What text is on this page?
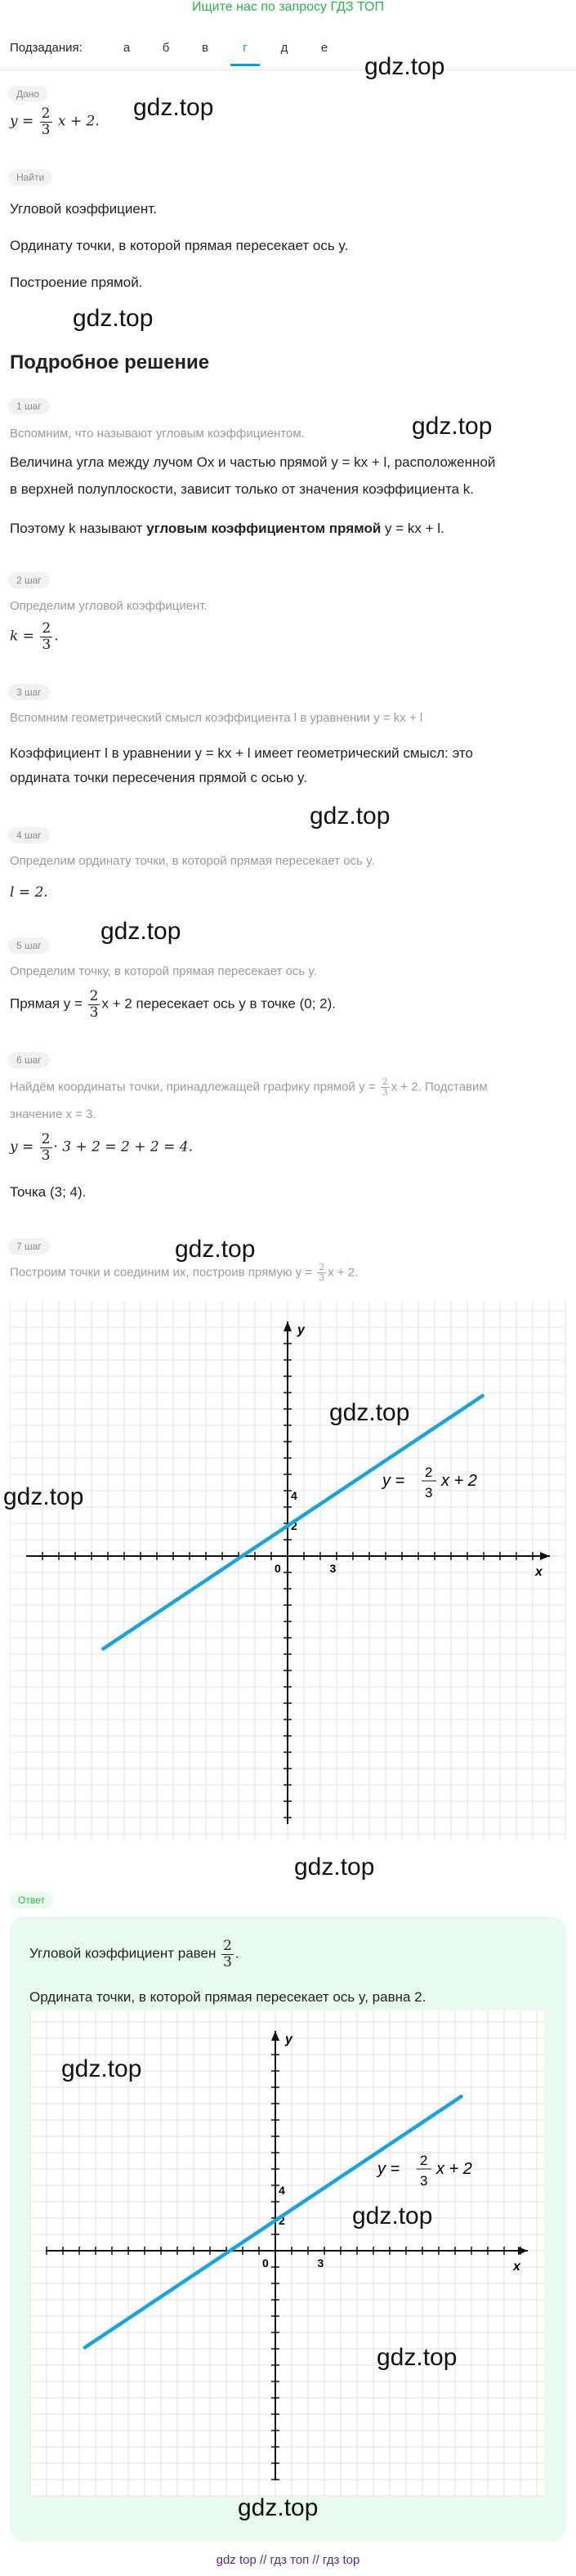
Ищите нас по запросу ГДЗ ТОП
Подзадания:	а	б	в	г	д	е
Дано
$y = \frac{2}{3}$ x + 2.
Найти
Угловой коэффициент.
Ординату точки, в которой прямая пересекает ось y.
Построение прямой.
Подробное решение
1 шаг
Вспомним, что называют угловым коэффициентом.
Величина угла между лучом Ox и частью прямой y = kx + l, расположенной
в верхней полуплоскости, зависит только от значения коэффициента k.
Поэтому k называют угловым коэффициентом прямой y = kx + l.
2 шаг
Определим угловой коэффициент.
$k = \frac{2}{3}$ .
3 шаг
Вспомним геометрический смысл коэффициента l в уравнении y = kx + l
Коэффициент l в уравнении y = kx + l имеет геометрический смысл: это
ордината точки пересечения прямой с осью y.
4 шаг
Определим ординату точки, в которой прямая пересекает ось y.
l = 2.
5 шаг
Определим точку, в которой прямая пересекает ось y.
Прямая $y = \frac{2}{3}$ x + 2 пересекает ось y в точке (0; 2).
6 шаг
Найдём координаты точки, принадлежащей графику прямой $y = \frac{2}{3}$ x + 2. Подставим
значение x = 3.
$y = \frac{2}{3} \cdot 3 + 2 = 2 + 2 = 4$.
Точка (3; 4).
7 шаг
Построим точки и соединим их, построив прямую $y = \frac{2}{3}$ x + 2.
x
y
0	3
2
4
y = 2
3
x + 2
Ответ
Угловой коэффициент равен $\frac{2}{3}$ .
Ордината точки, в которой прямая пересекает ось y, равна 2.
x
y
0	3
2
4
y = 2
3
x + 2
gdz.top
gdz.top
gdz.top
gdz.top
gdz.top
gdz.top
gdz.top
gdz.top
gdz.top
gdz.top
gdz.top
gdz.top
gdz.top
gdz.top
gdz top // гдз топ // гдз top
